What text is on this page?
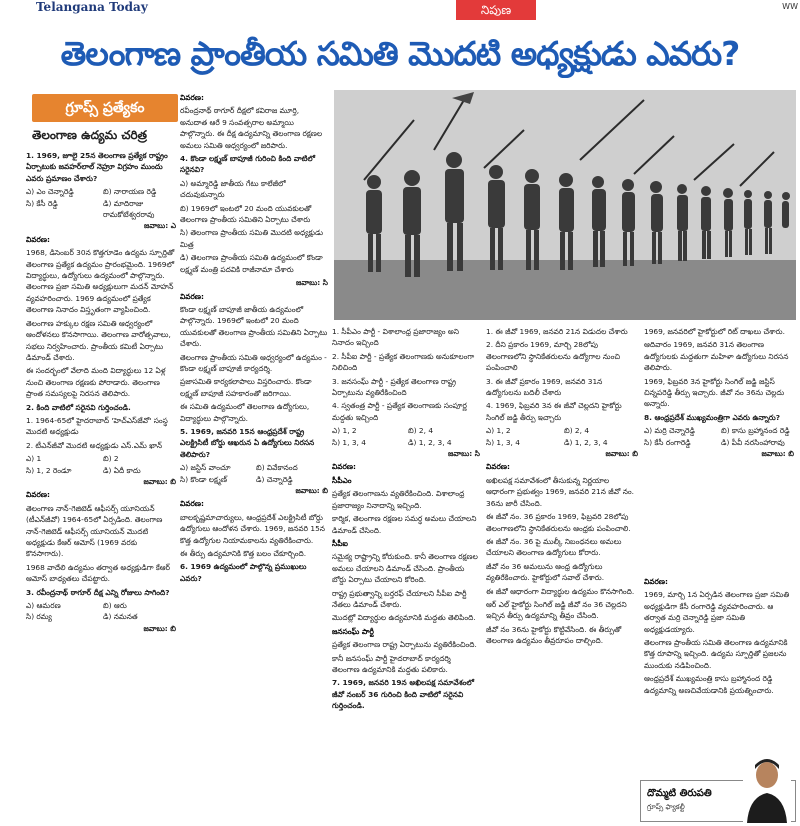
Telangana Today	నిపుణ	WW
తెలంగాణ ప్రాంతీయ సమితి మొదటి అధ్యక్షుడు ఎవరు?
గ్రూప్స్ ప్రత్యేకం
తెలంగాణ ఉద్యమ చరిత్ర

1. 1969, జూలై 25న తెలంగాణ ప్రత్యేక రాష్ట్రం ఏర్పాటుకు జవహర్‌లాల్ నెహ్రూ విగ్రహం ముందు ఎవరు ప్రమాణం చేశారు?

ఎ) ఎం చెన్నారెడ్డి	బి) నారాయణ రెడ్డి
సి) కేసీ రెడ్డి	డి) మాదిరాజు రామకోటేశ్వరరావు

జవాబు: ఎ

వివరణ:

1968, డిసెంబర్ 30న కొత్తగూడెం ఉద్యమ స్ఫూర్తితో తెలంగాణ ప్రత్యేక ఉద్యమం ప్రారంభమైంది. 1969లో విద్యార్థులు, ఉద్యోగులు ఉద్యమంలో పాల్గొన్నారు. తెలంగాణ ప్రజా సమితి అధ్యక్షులుగా మదన్ మోహన్ వ్యవహరించారు. 1969 ఉద్యమంలో ప్రత్యేక తెలంగాణ నినాదం విస్తృతంగా వ్యాపించింది.

తెలంగాణ హక్కుల రక్షణ సమితి ఆధ్వర్యంలో ఆందోళనలు కొనసాగాయి. తెలంగాణ వారోత్సవాలు, సభలు నిర్వహించారు. ప్రాంతీయ కమిటీ ఏర్పాటు డిమాండ్ చేశారు.

ఈ సందర్భంలో వేలాది మంది విద్యార్థులు 12 ఏళ్ల నుంచి తెలంగాణ రక్షణకు పోరాడారు. తెలంగాణ ప్రాంత సమస్యలపై నిరసన తెలిపారు.

2. కింది వాటిలో సరైనవి గుర్తించండి.

1. 1964-65లో హైదరాబాద్ 'హెచ్ఎస్‌జేవో' సంస్థ మొదటి అధ్యక్షుడు

2. టీఎన్‌జీవో మొదటి అధ్యక్షుడు ఎస్.ఎమ్ ఖాన్

ఎ) 1	బి) 2
సి) 1, 2 రెండూ	డి) ఏదీ కాదు

జవాబు: బి

వివరణ:

తెలంగాణ నాన్-గెజిటెడ్ ఆఫీసర్స్ యూనియన్ (టీఎన్‌జీవో) 1964-65లో ఏర్పడింది. తెలంగాణ నాన్-గెజిటెడ్ ఆఫీసర్స్ యూనియన్ మొదటి అధ్యక్షుడు కేఆర్ ఆమోస్ (1969 వరకు కొనసాగారు).

1968 వాదేలి ఉద్యమం తర్వాత అధ్యక్షుడిగా కేఆర్ ఆమోస్ బాధ్యతలు చేపట్టారు.

3. రవీంద్రనాథ్ ఠాగూర్ దీక్ష ఎన్ని రోజులు సాగింది?

ఎ) ఆమరణ	బి) ఆరు
సి) రమ్య	డి) నమనత

జవాబు: బి

వివరణ:

రవీంద్రనాథ్ ఠాగూర్ దీక్షలో కవిరాజ మూర్తి, అనుదాత ఆరే 9 సంవత్సరాల అమ్మాయి పాల్గొన్నారు. ఈ దీక్ష ఉద్యమాన్ని తెలంగాణ రక్షణల అమలు సమితి ఆధ్వర్యంలో జరిపారు.

4. కొండా లక్ష్మణ్ బాపూజీ గురించి కింది వాటిలో సరైనవి?

ఎ) అమ్మారెడ్డి జాతీయ గేటు కాలేజీలో చదువుకున్నారు

బి) 1969లో ఇంటలో 20 మంది యువకులతో తెలంగాణ ప్రాంతీయ సమితిని ఏర్పాటు చేశారు

సి) తెలంగాణ ప్రాంతీయ సమితి మొదటి అధ్యక్షుడు మిత్ర

డి) తెలంగాణ ప్రాంతీయ సమితి ఉద్యమంలో కొండా లక్ష్మణ్ మంత్రి పదవికి రాజీనామా చేశారు

జవాబు: సి

వివరణ:

కొండా లక్ష్మణ్ బాపూజీ జాతీయ ఉద్యమంలో పాల్గొన్నారు. 1969లో ఇంటలో 20 మంది యువకులతో తెలంగాణ ప్రాంతీయ సమితిని ఏర్పాటు చేశారు.

తెలంగాణ ప్రాంతీయ సమితి ఆధ్వర్యంలో ఉద్యమం - కొండా లక్ష్మణ్ బాపూజీ కార్యదర్శి.

ప్రజాసమితి కార్యకలాపాలు విస్తరించారు. కొండా లక్ష్మణ్ బాపూజీ సహకారంతో జరిగాయి.

ఈ సమితి ఉద్యమంలో తెలంగాణ ఉద్యోగులు, విద్యార్థులు పాల్గొన్నారు.

5. 1969, జనవరి 15న ఆంధ్రప్రదేశ్ రాష్ట్ర ఎలక్ట్రిసిటీ బోర్డు ఆఖరున ఏ ఉద్యోగులు నిరసన తెలిపారు?

ఎ) జస్టిస్ వాంచూ	బి) వివేకానంద
సి) కొండా లక్ష్మణ్	డి) చెన్నారెడ్డి

జవాబు: బి

వివరణ:

బాలకృష్ణమాచార్యులు, ఆంధ్రప్రదేశ్ ఎలక్ట్రిసిటీ బోర్డు ఉద్యోగులు ఆందోళన చేశారు. 1969, జనవరి 15న కొత్త ఉద్యోగుల నియామకాలను వ్యతిరేకించారు.

ఈ తీర్పు ఉద్యమానికి కొత్త బలం చేకూర్చింది.

6. 1969 ఉద్యమంలో పాల్గొన్న ప్రముఖులు ఎవరు?

1. సీపీఎం పార్టీ - విశాలాంధ్ర ప్రజారాజ్యం అని నినాదం ఇచ్చింది

2. సీపీఐ పార్టీ - ప్రత్యేక తెలంగాణకు అనుకూలంగా నిలిచింది

3. జనసంఘ్ పార్టీ - ప్రత్యేక తెలంగాణ రాష్ట్ర ఏర్పాటును వ్యతిరేకించింది

4. స్వతంత్ర పార్టీ - ప్రత్యేక తెలంగాణకు సంపూర్ణ మద్దతు ఇచ్చింది

ఎ) 1, 2	బి) 2, 4
సి) 1, 3, 4	డి) 1, 2, 3, 4

జవాబు: సి

వివరణ:

సీపీఎం

ప్రత్యేక తెలంగాణను వ్యతిరేకించింది. విశాలాంధ్ర ప్రజారాజ్యం నినాదాన్ని ఇచ్చింది.

కార్మిక, తెలంగాణ రక్షణల సమర్థ అమలు చేయాలని డిమాండ్ చేసింది.

సీపీఐ

సమైక్య రాష్ట్రాన్ని కోరుకుంది. కానీ తెలంగాణ రక్షణల అమలు చేయాలని డిమాండ్ చేసింది. ప్రాంతీయ బోర్డు ఏర్పాటు చేయాలని కోరింది.

రాష్ట్ర ప్రభుత్వాన్ని బర్తరఫ్ చేయాలని సీపీఐ పార్టీ నేతలు డిమాండ్ చేశారు.

మొదట్లో విద్యార్థుల ఉద్యమానికి మద్దతు తెలిపింది.

జనసంఘ్ పార్టీ

ప్రత్యేక తెలంగాణ రాష్ట్ర ఏర్పాటును వ్యతిరేకించింది.

కానీ జనసంఘ్ పార్టీ హైదరాబాద్ కార్యదర్శి తెలంగాణ ఉద్యమానికి మద్దతు పలికారు.

7. 1969, జనవరి 19న అఖిలపక్ష సమావేశంలో జీవో నంబర్ 36 గురించి కింది వాటిలో సరైనవి గుర్తించండి.

1. ఈ జీవో 1969, జనవరి 21న విడుదల చేశారు

2. దీని ప్రకారం 1969, మార్చి 28లోపు తెలంగాణలోని స్థానికేతరులను ఉద్యోగాల నుంచి పంపించాలి

3. ఈ జీవో ప్రకారం 1969, జనవరి 31న ఉద్యోగులను బదిలీ చేశారు

4. 1969, ఫిబ్రవరి 3న ఈ జీవో చెల్లదని హైకోర్టు సింగిల్ జడ్జి తీర్పు ఇచ్చారు

ఎ) 1, 2	బి) 2, 4
సి) 1, 3, 4	డి) 1, 2, 3, 4

జవాబు: బి

వివరణ:

అఖిలపక్ష సమావేశంలో తీసుకున్న నిర్ణయాల ఆధారంగా ప్రభుత్వం 1969, జనవరి 21న జీవో నం. 36ను జారీ చేసింది.

ఈ జీవో నం. 36 ప్రకారం 1969, ఫిబ్రవరి 28లోపు తెలంగాణలోని స్థానికేతరులను ఆంధ్రకు పంపించాలి.

ఈ జీవో నం. 36 పై ముల్కీ నిబంధనలు అమలు చేయాలని తెలంగాణ ఉద్యోగులు కోరారు.

జీవో నం 36 అమలును ఆంధ్ర ఉద్యోగులు వ్యతిరేకించారు. హైకోర్టులో సవాల్ చేశారు.

ఈ జీవో ఆధారంగా విద్యార్థుల ఉద్యమం కొనసాగింది.

ఆర్ ఎల్ హైకోర్టు సింగిల్ జడ్జి జీవో నం 36 చెల్లదని ఇచ్చిన తీర్పు ఉద్యమాన్ని తీవ్రం చేసింది.

జీవో నం 36ను హైకోర్టు కొట్టివేసింది. ఈ తీర్పుతో తెలంగాణ ఉద్యమం తీవ్రరూపం దాల్చింది.

1969, జనవరిలో హైకోర్టులో రిట్ దాఖలు చేశారు.

ఆదివారం 1969, జనవరి 31న తెలంగాణ ఉద్యోగులకు మద్దతుగా మహిళా ఉద్యోగులు నిరసన తెలిపారు.

1969, ఫిబ్రవరి 3న హైకోర్టు సింగిల్ జడ్జి జస్టిస్ చిన్నపరెడ్డి తీర్పు ఇచ్చారు. జీవో నం 36ను చెల్లదు అన్నారు.

8. ఆంధ్రప్రదేశ్ ముఖ్యమంత్రిగా ఎవరు ఉన్నారు?

ఎ) మర్రి చెన్నారెడ్డి	బి) కాసు బ్రహ్మానంద రెడ్డి
సి) కేసీ రంగారెడ్డి	డి) పీవీ నరసింహారావు

జవాబు: బి

వివరణ:

1969, మార్చి 1న ఏర్పడిన తెలంగాణ ప్రజా సమితి అధ్యక్షుడిగా కేసీ రంగారెడ్డి వ్యవహరించారు. ఆ తర్వాత మర్రి చెన్నారెడ్డి ప్రజా సమితి అధ్యక్షుడయ్యారు.

తెలంగాణ ప్రాంతీయ సమితి తెలంగాణ ఉద్యమానికి కొత్త రూపాన్ని ఇచ్చింది. ఉద్యమ స్ఫూర్తితో ప్రజలను ముందుకు నడిపించింది.

ఆంధ్రప్రదేశ్ ముఖ్యమంత్రి కాసు బ్రహ్మానంద రెడ్డి ఉద్యమాన్ని అణచివేయడానికి ప్రయత్నించారు.

దొమ్మటి తిరుపతి
గ్రూప్స్ ఫ్యాకల్టీ
